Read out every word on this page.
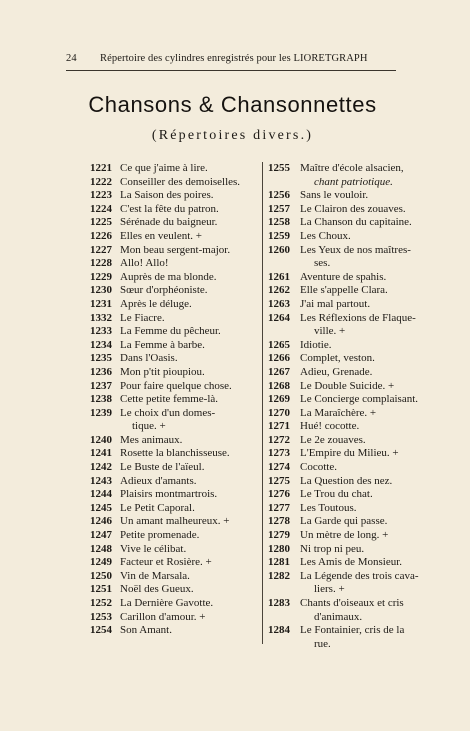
24	Répertoire des cylindres enregistrés pour les LIORETGRAPH
Chansons & Chansonnettes
(Répertoires divers.)
1221 Ce que j'aime à lire.
1222 Conseiller des demoiselles.
1223 La Saison des poires.
1224 C'est la fête du patron.
1225 Sérénade du baigneur.
1226 Elles en veulent. +
1227 Mon beau sergent-major.
1228 Allo! Allo!
1229 Auprès de ma blonde.
1230 Sœur d'orphéoniste.
1231 Après le déluge.
1332 Le Fiacre.
1233 La Femme du pêcheur.
1234 La Femme à barbe.
1235 Dans l'Oasis.
1236 Mon p'tit pioupiou.
1237 Pour faire quelque chose.
1238 Cette petite femme-là.
1239 Le choix d'un domes-
tique. +
1240 Mes animaux.
1241 Rosette la blanchisseuse.
1242 Le Buste de l'aïeul.
1243 Adieux d'amants.
1244 Plaisirs montmartrois.
1245 Le Petit Caporal.
1246 Un amant malheureux. +
1247 Petite promenade.
1248 Vive le célibat.
1249 Facteur et Rosière. +
1250 Vin de Marsala.
1251 Noël des Gueux.
1252 La Dernière Gavotte.
1253 Carillon d'amour. +
1254 Son Amant.
1255 Maître d'école alsacien,
chant patriotique.
1256 Sans le vouloir.
1257 Le Clairon des zouaves.
1258 La Chanson du capitaine.
1259 Les Choux.
1260 Les Yeux de nos maîtres-
ses.
1261 Aventure de spahis.
1262 Elle s'appelle Clara.
1263 J'ai mal partout.
1264 Les Réflexions de Flaque-
ville. +
1265 Idiotie.
1266 Complet, veston.
1267 Adieu, Grenade.
1268 Le Double Suicide. +
1269 Le Concierge complaisant.
1270 La Maraîchère. +
1271 Hué! cocotte.
1272 Le 2e zouaves.
1273 L'Empire du Milieu. +
1274 Cocotte.
1275 La Question des nez.
1276 Le Trou du chat.
1277 Les Toutous.
1278 La Garde qui passe.
1279 Un mètre de long. +
1280 Ni trop ni peu.
1281 Les Amis de Monsieur.
1282 La Légende des trois cava-
liers. +
1283 Chants d'oiseaux et cris
d'animaux.
1284 Le Fontainier, cris de la
rue.
